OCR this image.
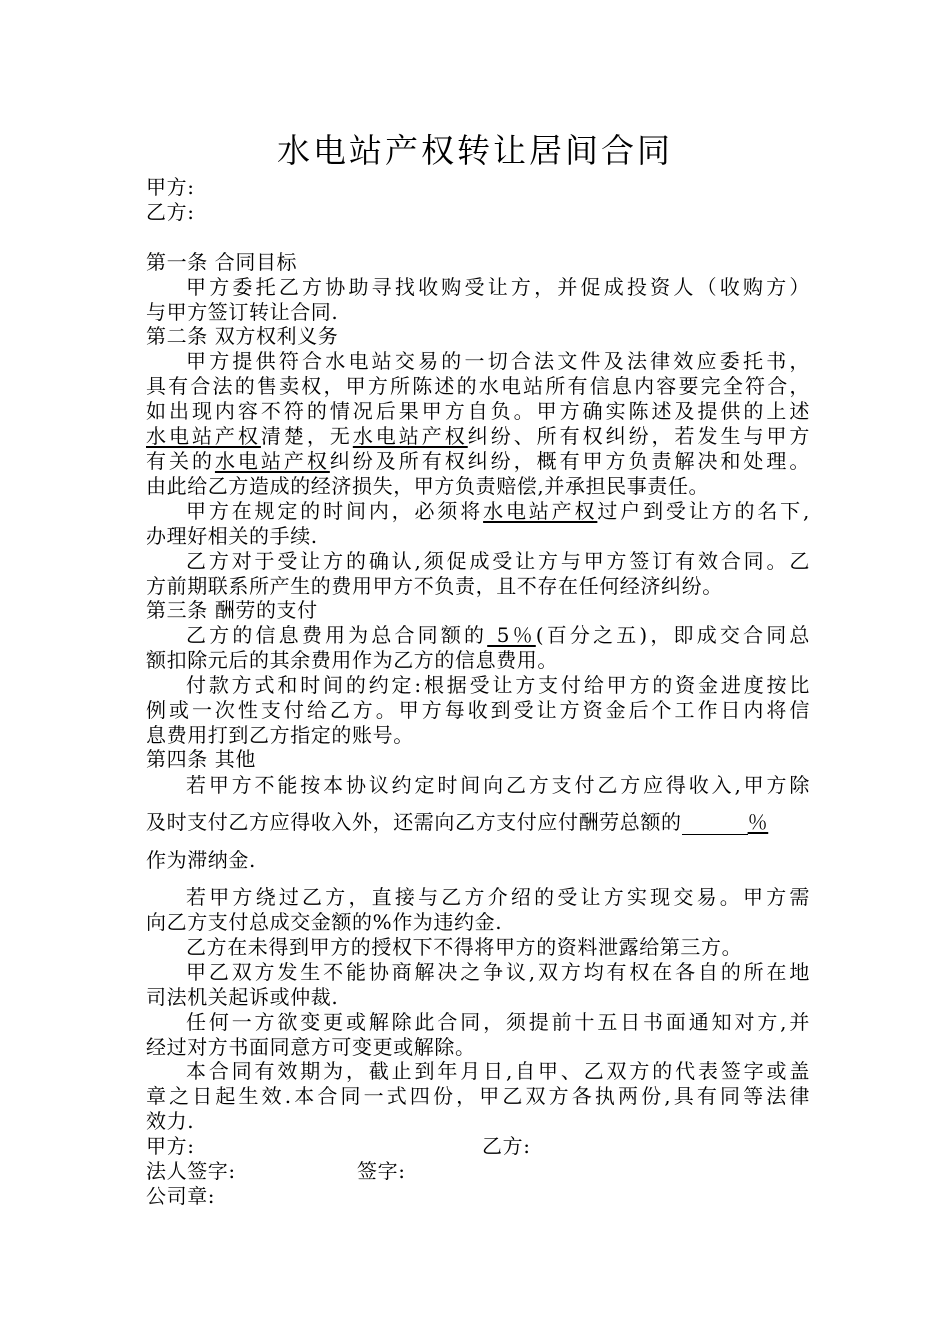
水电站产权转让居间合同
甲方:
乙方:
第一条 合同目标
甲方委托乙方协助寻找收购受让方，并促成投资人（收购方）
与甲方签订转让合同.
第二条 双方权利义务
甲方提供符合水电站交易的一切合法文件及法律效应委托书，
具有合法的售卖权，甲方所陈述的水电站所有信息内容要完全符合，
如出现内容不符的情况后果甲方自负。甲方确实陈述及提供的上述
水电站产权清楚，无水电站产权纠纷、所有权纠纷，若发生与甲方
有关的水电站产权纠纷及所有权纠纷，概有甲方负责解决和处理。
由此给乙方造成的经济损失，甲方负责赔偿,并承担民事责任。
甲方在规定的时间内，必须将水电站产权过户到受让方的名下,
办理好相关的手续.
乙方对于受让方的确认,须促成受让方与甲方签订有效合同。乙
方前期联系所产生的费用甲方不负责，且不存在任何经济纠纷。
第三条 酬劳的支付
乙方的信息费用为总合同额的 5％(百分之五)，即成交合同总
额扣除元后的其余费用作为乙方的信息费用。
付款方式和时间的约定:根据受让方支付给甲方的资金进度按比
例或一次性支付给乙方。甲方每收到受让方资金后个工作日内将信
息费用打到乙方指定的账号。
第四条 其他
若甲方不能按本协议约定时间向乙方支付乙方应得收入,甲方除
及时支付乙方应得收入外，还需向乙方支付应付酬劳总额的	％
作为滞纳金.
若甲方绕过乙方，直接与乙方介绍的受让方实现交易。甲方需
向乙方支付总成交金额的%作为违约金.
乙方在未得到甲方的授权下不得将甲方的资料泄露给第三方。
甲乙双方发生不能协商解决之争议,双方均有权在各自的所在地
司法机关起诉或仲裁.
任何一方欲变更或解除此合同，须提前十五日书面通知对方,并
经过对方书面同意方可变更或解除。
本合同有效期为，截止到年月日,自甲、乙双方的代表签字或盖
章之日起生效.本合同一式四份，甲乙双方各执两份,具有同等法律
效力.
甲方:	乙方:
法人签字:	签字:
公司章:
